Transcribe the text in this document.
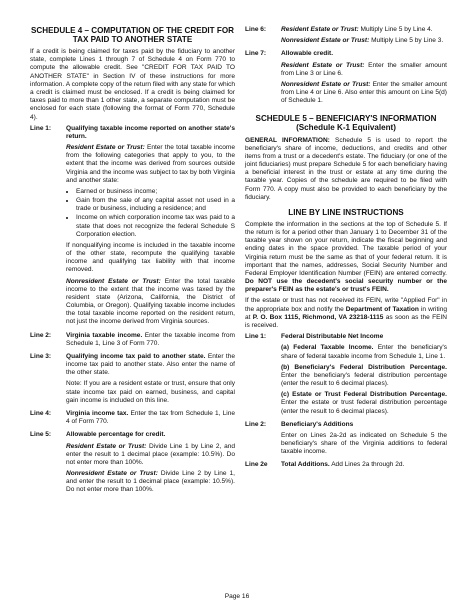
SCHEDULE 4 – COMPUTATION OF THE CREDIT FOR TAX PAID TO ANOTHER STATE

If a credit is being claimed for taxes paid by the fiduciary to another state, complete Lines 1 through 7 of Schedule 4 on Form 770 to compute the allowable credit. See "CREDIT FOR TAX PAID TO ANOTHER STATE" in Section IV of these instructions for more information. A complete copy of the return filed with any state for which a credit is claimed must be enclosed. If a credit is being claimed for taxes paid to more than 1 other state, a separate computation must be enclosed for each state (following the format of Form 770, Schedule 4).

Line 1:	Qualifying taxable income reported on another state's return.

Resident Estate or Trust: Enter the total taxable income from the following categories that apply to you, to the extent that the income was derived from sources outside Virginia and the income was subject to tax by both Virginia and another state:

• Earned or business income;
• Gain from the sale of any capital asset not used in a trade or business, including a residence; and
• Income on which corporation income tax was paid to a state that does not recognize the federal Schedule S Corporation election.

If nonqualifying income is included in the taxable income of the other state, recompute the qualifying taxable income and qualifying tax liability with that income removed.

Nonresident Estate or Trust: Enter the total taxable income to the extent that the income was taxed by the resident state (Arizona, California, the District of Columbia, or Oregon). Qualifying taxable income includes the total taxable income reported on the resident return, not just the income derived from Virginia sources.

Line 2:	Virginia taxable income. Enter the taxable income from Schedule 1, Line 3 of Form 770.

Line 3:	Qualifying income tax paid to another state. Enter the income tax paid to another state. Also enter the name of the other state.

Note: If you are a resident estate or trust, ensure that only state income tax paid on earned, business, and capital gain income is included on this line.

Line 4:	Virginia income tax. Enter the tax from Schedule 1, Line 4 of Form 770.

Line 5:	Allowable percentage for credit.

Resident Estate or Trust: Divide Line 1 by Line 2, and enter the result to 1 decimal place (example: 10.5%). Do not enter more than 100%.

Nonresident Estate or Trust: Divide Line 2 by Line 1, and enter the result to 1 decimal place (example: 10.5%). Do not enter more than 100%.

Line 6:	Resident Estate or Trust: Multiply Line 5 by Line 4.

Nonresident Estate or Trust: Multiply Line 5 by Line 3.

Line 7:	Allowable credit.

Resident Estate or Trust: Enter the smaller amount from Line 3 or Line 6.

Nonresident Estate or Trust: Enter the smaller amount from Line 4 or Line 6. Also enter this amount on Line 5(d) of Schedule 1.

SCHEDULE 5 – BENEFICIARY'S INFORMATION (Schedule K-1 Equivalent)

GENERAL INFORMATION: Schedule 5 is used to report the beneficiary's share of income, deductions, and credits and other items from a trust or a decedent's estate. The fiduciary (or one of the joint fiduciaries) must prepare Schedule 5 for each beneficiary having a beneficial interest in the trust or estate at any time during the taxable year. Copies of the schedule are required to be filed with Form 770. A copy must also be provided to each beneficiary by the fiduciary.

LINE BY LINE INSTRUCTIONS

Complete the information in the sections at the top of Schedule 5. If the return is for a period other than January 1 to December 31 of the taxable year shown on your return, indicate the fiscal beginning and ending dates in the space provided. The taxable period of your Virginia return must be the same as that of your federal return. It is important that the names, addresses, Social Security Number and Federal Employer Identification Number (FEIN) are entered correctly. Do NOT use the decedent's social security number or the preparer's FEIN as the estate's or trust's FEIN.

If the estate or trust has not received its FEIN, write "Applied For" in the appropriate box and notify the Department of Taxation in writing at P. O. Box 1115, Richmond, VA 23218-1115 as soon as the FEIN is received.

Line 1:	Federal Distributable Net Income

(a) Federal Taxable Income. Enter the beneficiary's share of federal taxable income from Schedule 1, Line 1.

(b) Beneficiary's Federal Distribution Percentage. Enter the beneficiary's federal distribution percentage (enter the result to 6 decimal places).

(c) Estate or Trust Federal Distribution Percentage. Enter the estate or trust federal distribution percentage (enter the result to 6 decimal places).

Line 2:	Beneficiary's Additions

Enter on Lines 2a-2d as indicated on Schedule 5 the beneficiary's share of the Virginia additions to federal taxable income.

Line 2e	Total Additions. Add Lines 2a through 2d.

Page 16
